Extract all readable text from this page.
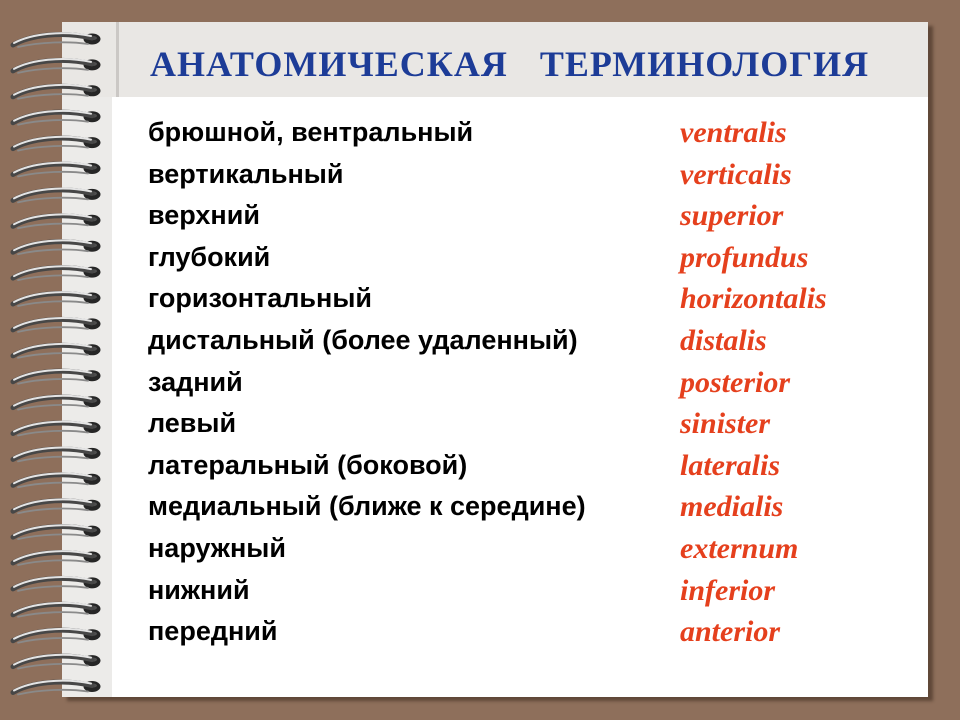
АНАТОМИЧЕСКАЯ ТЕРМИНОЛОГИЯ
брюшной, вентральный	ventralis
вертикальный	verticalis
верхний	superior
глубокий	profundus
горизонтальный	horizontalis
дистальный (более удаленный)	distalis
задний	posterior
левый	sinister
латеральный (боковой)	lateralis
медиальный (ближе к середине)	medialis
наружный	externum
нижний	inferior
передний	anterior
